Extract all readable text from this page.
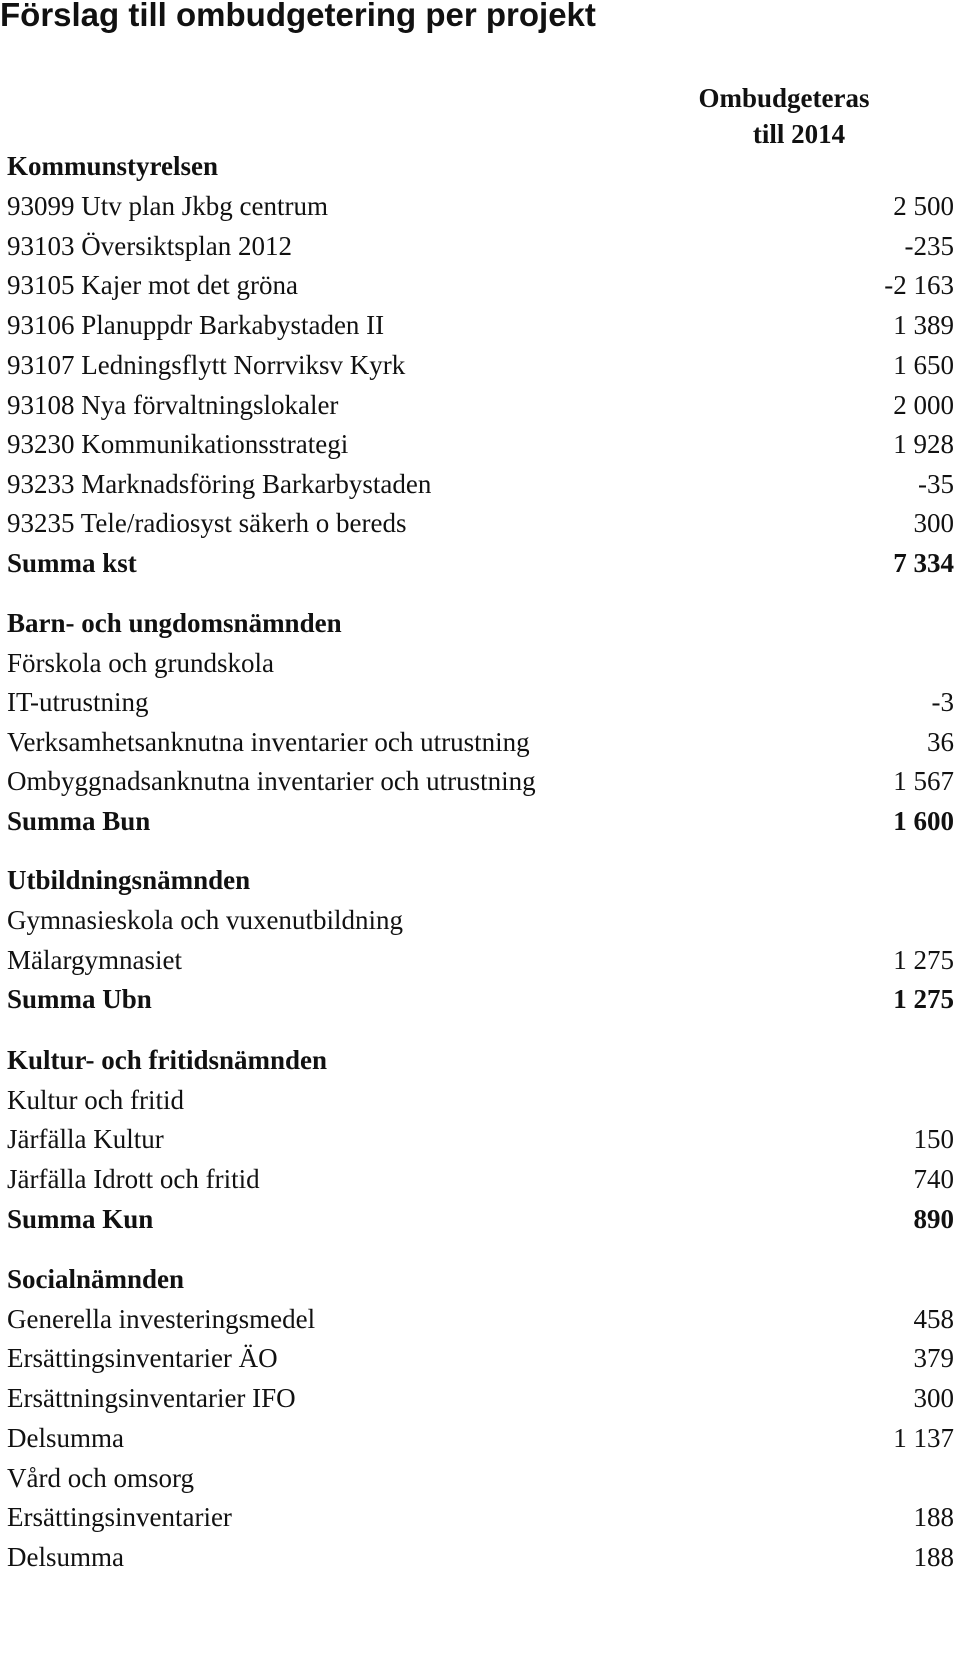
Förslag till ombudgetering per projekt
Ombudgeteras
till 2014
Kommunstyrelsen
93099 Utv plan Jkbg centrum	2 500
93103 Översiktsplan 2012	-235
93105 Kajer mot det gröna	-2 163
93106 Planuppdr Barkabystaden II	1 389
93107 Ledningsflytt Norrviksv Kyrk	1 650
93108 Nya förvaltningslokaler	2 000
93230 Kommunikationsstrategi	1 928
93233 Marknadsföring Barkarbystaden	-35
93235 Tele/radiosyst säkerh o bereds	300
Summa kst	7 334
Barn- och ungdomsnämnden
Förskola och grundskola
IT-utrustning	-3
Verksamhetsanknutna inventarier och utrustning	36
Ombyggnadsanknutna inventarier och utrustning	1 567
Summa Bun	1 600
Utbildningsnämnden
Gymnasieskola och vuxenutbildning
Mälargymnasiet	1 275
Summa Ubn	1 275
Kultur- och fritidsnämnden
Kultur och fritid
Järfälla Kultur	150
Järfälla Idrott och fritid	740
Summa Kun	890
Socialnämnden
Generella investeringsmedel	458
Ersättingsinventarier ÄO	379
Ersättningsinventarier IFO	300
Delsumma	1 137
Vård och omsorg
Ersättingsinventarier	188
Delsumma	188
